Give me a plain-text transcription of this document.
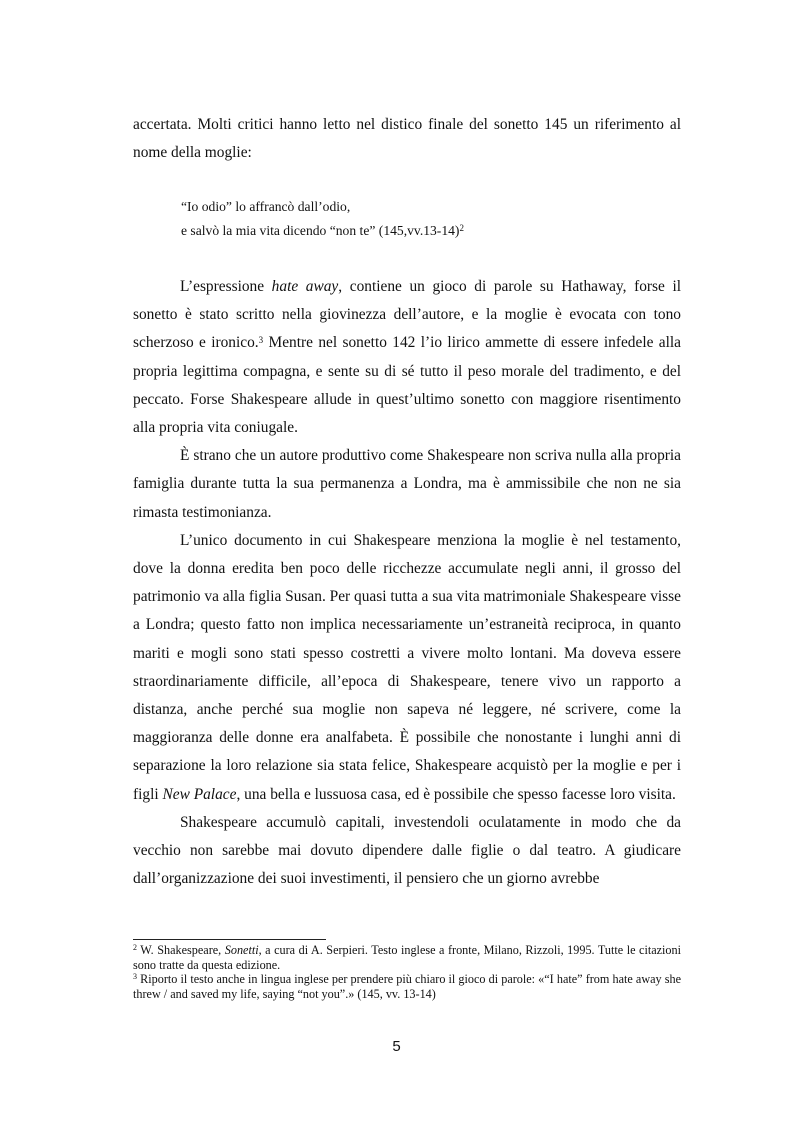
accertata. Molti critici hanno letto nel distico finale del sonetto 145 un riferimento al nome della moglie:

“Io odio” lo affrancò dall’odio,
e salvò la mia vita dicendo “non te” $(145,vv.13-14)^2$

L’espressione hate away, contiene un gioco di parole su Hathaway, forse il sonetto è stato scritto nella giovinezza dell’autore, e la moglie è evocata con tono scherzoso e ironico.$^3$ Mentre nel sonetto 142 l’io lirico ammette di essere infedele alla propria legittima compagna, e sente su di sé tutto il peso morale del tradimento, e del peccato. Forse Shakespeare allude in quest’ultimo sonetto con maggiore risentimento alla propria vita coniugale.

È strano che un autore produttivo come Shakespeare non scriva nulla alla propria famiglia durante tutta la sua permanenza a Londra, ma è ammissibile che non ne sia rimasta testimonianza.

L’unico documento in cui Shakespeare menziona la moglie è nel testamento, dove la donna eredita ben poco delle ricchezze accumulate negli anni, il grosso del patrimonio va alla figlia Susan. Per quasi tutta a sua vita matrimoniale Shakespeare visse a Londra; questo fatto non implica necessariamente un’estraneità reciproca, in quanto mariti e mogli sono stati spesso costretti a vivere molto lontani. Ma doveva essere straordinariamente difficile, all’epoca di Shakespeare, tenere vivo un rapporto a distanza, anche perché sua moglie non sapeva né leggere, né scrivere, come la maggioranza delle donne era analfabeta. È possibile che nonostante i lunghi anni di separazione la loro relazione sia stata felice, Shakespeare acquistò per la moglie e per i figli New Palace, una bella e lussuosa casa, ed è possibile che spesso facesse loro visita.

Shakespeare accumulò capitali, investendoli oculatamente in modo che da vecchio non sarebbe mai dovuto dipendere dalle figlie o dal teatro. A giudicare dall’organizzazione dei suoi investimenti, il pensiero che un giorno avrebbe

$^2$ W. Shakespeare, Sonetti, a cura di A. Serpieri. Testo inglese a fronte, Milano, Rizzoli, 1995. Tutte le citazioni sono tratte da questa edizione.

$^3$ Riporto il testo anche in lingua inglese per prendere più chiaro il gioco di parole: «“I hate” from hate away she threw / and saved my life, saying “not you”.» (145, vv. 13-14)

5
